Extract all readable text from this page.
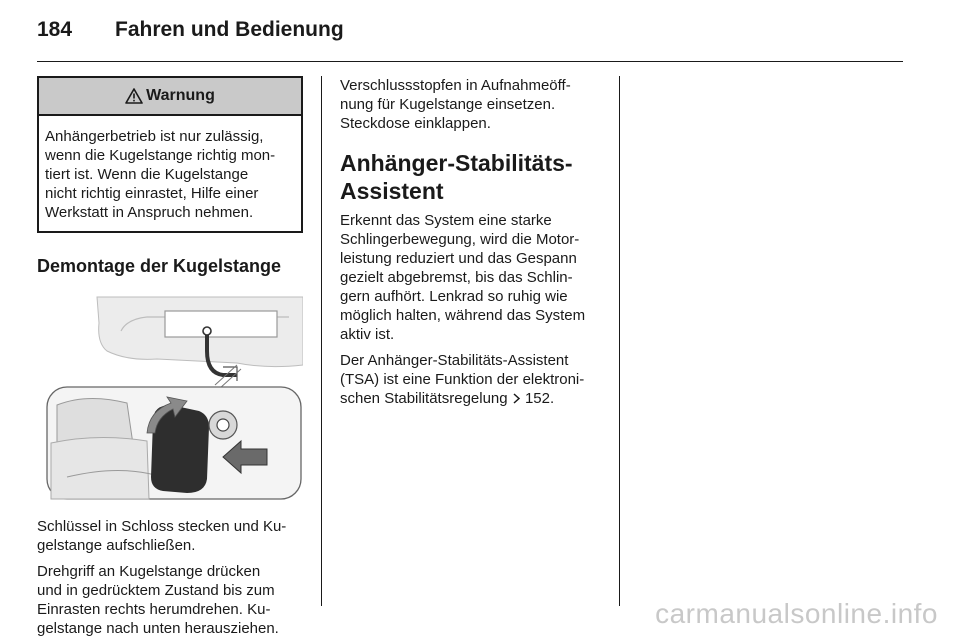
184 Fahren und Bedienung
Warnung
Anhängerbetrieb ist nur zulässig,
wenn die Kugelstange richtig mon-
tiert ist. Wenn die Kugelstange
nicht richtig einrastet, Hilfe einer
Werkstatt in Anspruch nehmen.
Demontage der Kugelstange

Schlüssel in Schloss stecken und Ku-
gelstange aufschließen.

Drehgriff an Kugelstange drücken
und in gedrücktem Zustand bis zum
Einrasten rechts herumdrehen. Ku-
gelstange nach unten herausziehen.

Verschlussstopfen in Aufnahmeöff-
nung für Kugelstange einsetzen.
Steckdose einklappen.

Anhänger-Stabilitäts-
Assistent

Erkennt das System eine starke
Schlingerbewegung, wird die Motor-
leistung reduziert und das Gespann
gezielt abgebremst, bis das Schlin-
gern aufhört. Lenkrad so ruhig wie
möglich halten, während das System
aktiv ist.

Der Anhänger-Stabilitäts-Assistent
(TSA) ist eine Funktion der elektroni-
schen Stabilitätsregelung 152.

carmanualsonline.info
